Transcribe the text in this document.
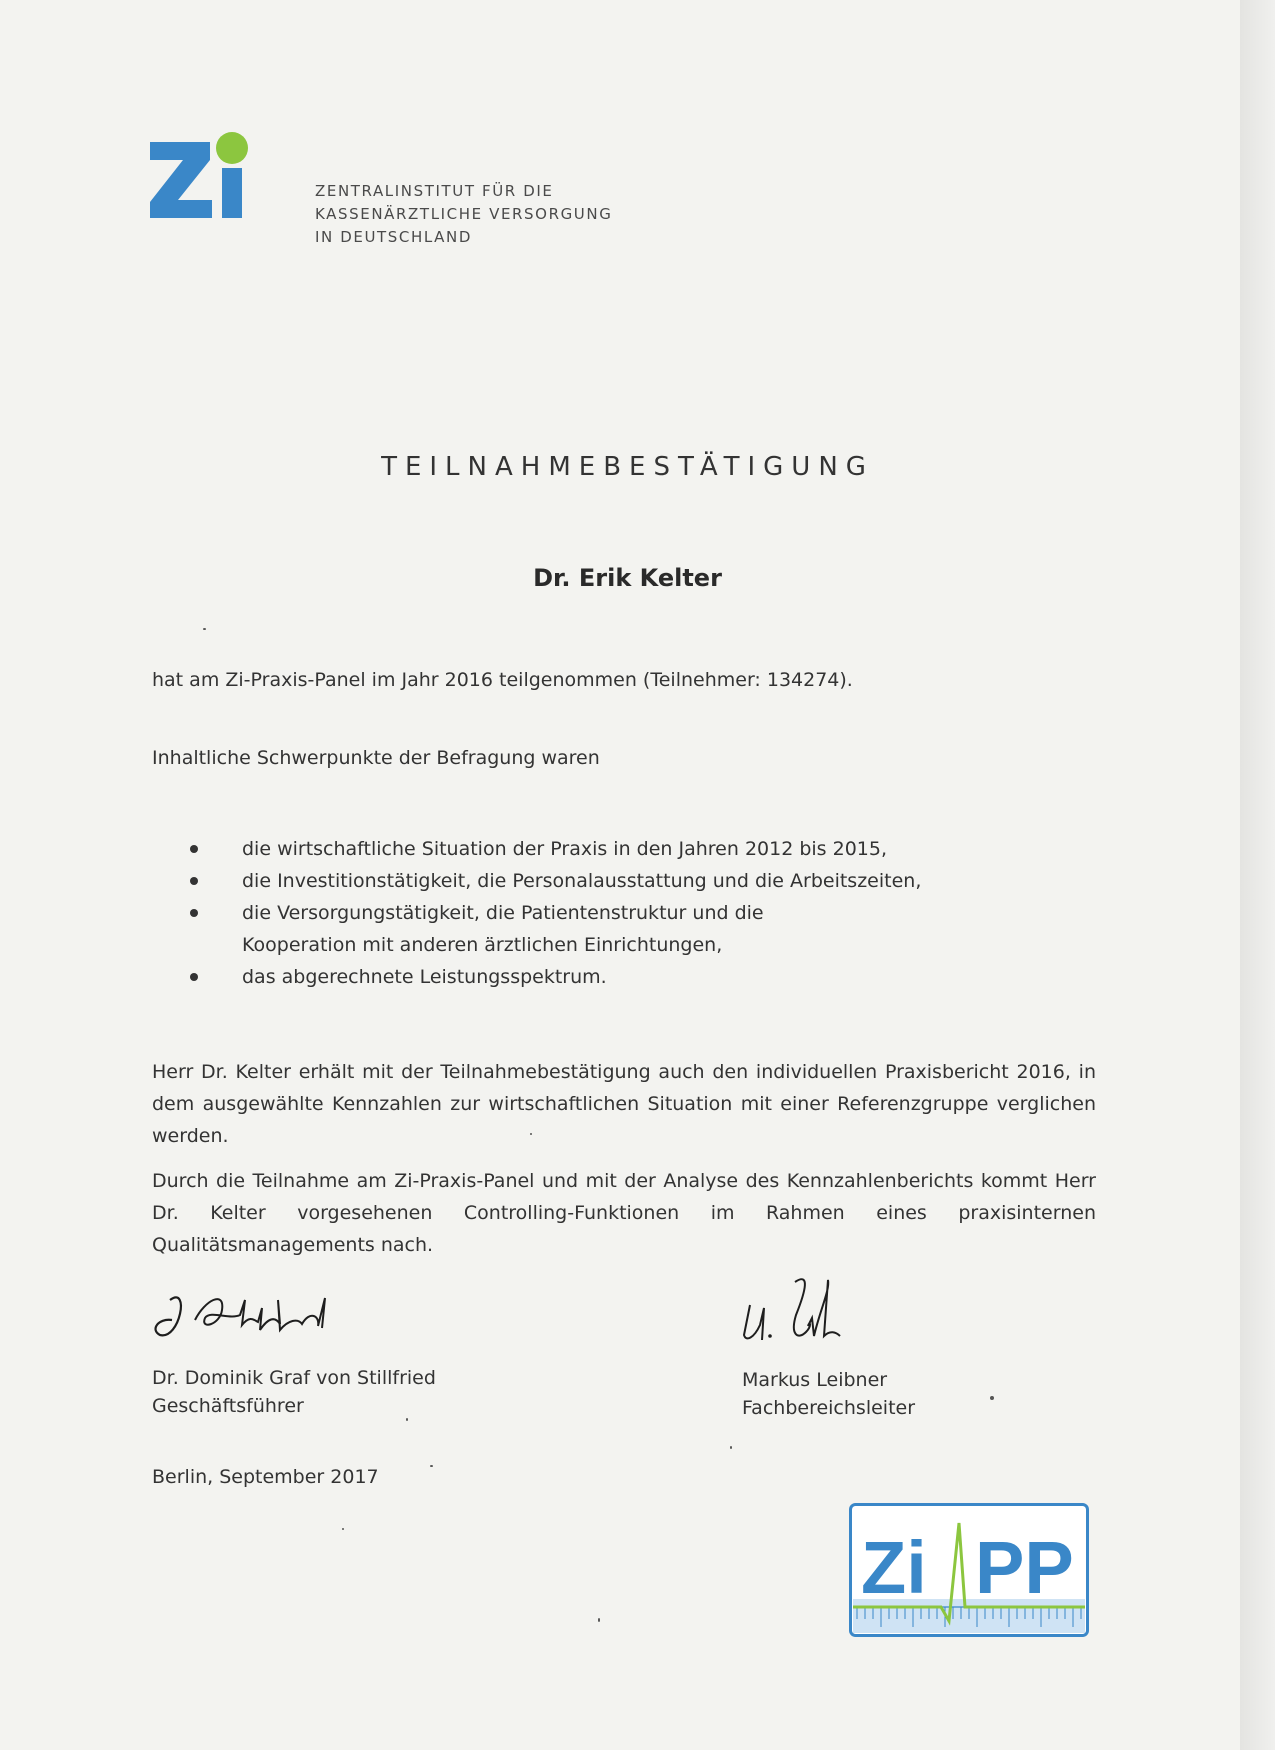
ZENTRALINSTITUT FÜR DIE
KASSENÄRZTLICHE VERSORGUNG
IN DEUTSCHLAND
TEILNAHMEBESTÄTIGUNG
Dr. Erik Kelter
hat am Zi-Praxis-Panel im Jahr 2016 teilgenommen (Teilnehmer: 134274).
Inhaltliche Schwerpunkte der Befragung waren
die wirtschaftliche Situation der Praxis in den Jahren 2012 bis 2015,
die Investitionstätigkeit, die Personalausstattung und die Arbeitszeiten,
die Versorgungstätigkeit, die Patientenstruktur und die Kooperation mit anderen ärztlichen Einrichtungen,
das abgerechnete Leistungsspektrum.
Herr Dr. Kelter erhält mit der Teilnahmebestätigung auch den individuellen Praxisbericht 2016, in dem ausgewählte Kennzahlen zur wirtschaftlichen Situation mit einer Referenzgruppe verglichen werden.
Durch die Teilnahme am Zi-Praxis-Panel und mit der Analyse des Kennzahlenberichts kommt Herr Dr. Kelter vorgesehenen Controlling-Funktionen im Rahmen eines praxisinternen Qualitätsmanagements nach.
Dr. Dominik Graf von Stillfried
Geschäftsführer
Markus Leibner
Fachbereichsleiter
Berlin, September 2017
Zi PP
